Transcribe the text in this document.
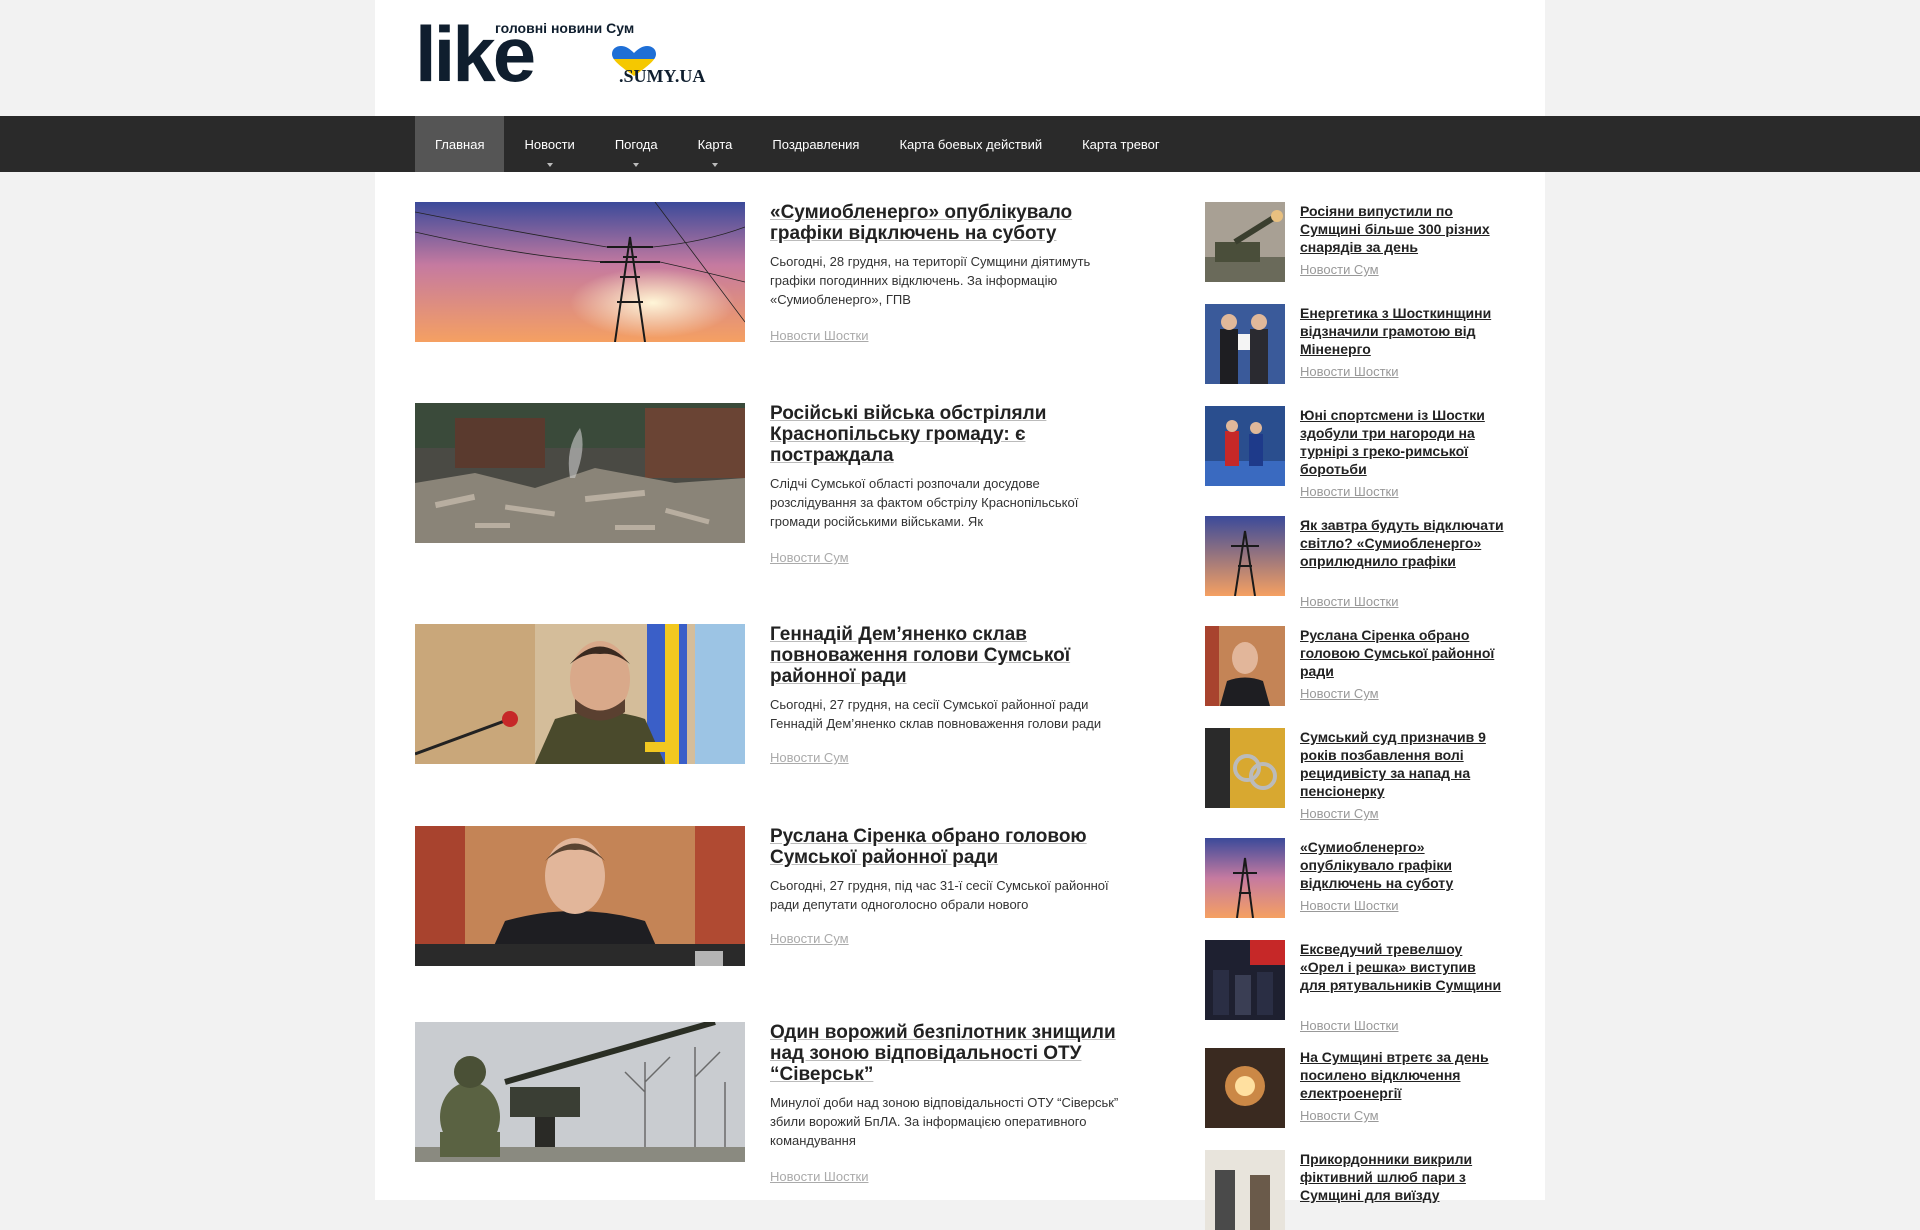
like
головні новини Сум
.SUMY.UA
Главная	Новости	Погода	Карта	Поздравления	Карта боевых действий	Карта тревог
«Сумиобленерго» опублікувало графіки відключень на суботу
Сьогодні, 28 грудня, на території Сумщини діятимуть графіки погодинних відключень. За інформацію «Сумиобленерго», ГПВ
Новости Шостки
Російські війська обстріляли Краснопільську громаду: є постраждала
Слідчі Сумської області розпочали досудове розслідування за фактом обстрілу Краснопільської громади російськими військами. Як
Новости Сум
Геннадій Дем’яненко склав повноваження голови Сумської районної ради
Сьогодні, 27 грудня, на сесії Сумської районної ради Геннадій Дем’яненко склав повноваження голови ради
Новости Сум
Руслана Сіренка обрано головою Сумської районної ради
Сьогодні, 27 грудня, під час 31-ї сесії Сумської районної ради депутати одноголосно обрали нового
Новости Сум
Один ворожий безпілотник знищили над зоною відповідальності ОТУ “Сіверськ”
Минулої доби над зоною відповідальності ОТУ “Сіверськ” збили ворожий БпЛА. За інформацією оперативного командування
Новости Шостки
Росіяни випустили по Сумщині більше 300 різних снарядів за день
Новости Сум
Енергетика з Шосткинщини відзначили грамотою від Міненерго
Новости Шостки
Юні спортсмени із Шостки здобули три нагороди на турнірі з греко-римської боротьби
Новости Шостки
Як завтра будуть відключати світло? «Сумиобленерго» оприлюднило графіки
Новости Шостки
Руслана Сіренка обрано головою Сумської районної ради
Новости Сум
Сумський суд призначив 9 років позбавлення волі рецидивісту за напад на пенсіонерку
Новости Сум
«Сумиобленерго» опублікувало графіки відключень на суботу
Новости Шостки
Ексведучий тревелшоу «Орел і решка» виступив для рятувальників Сумщини
Новости Шостки
На Сумщині втретє за день посилено відключення електроенергії
Новости Сум
Прикордонники викрили фіктивний шлюб пари з Сумщині для виїзду
